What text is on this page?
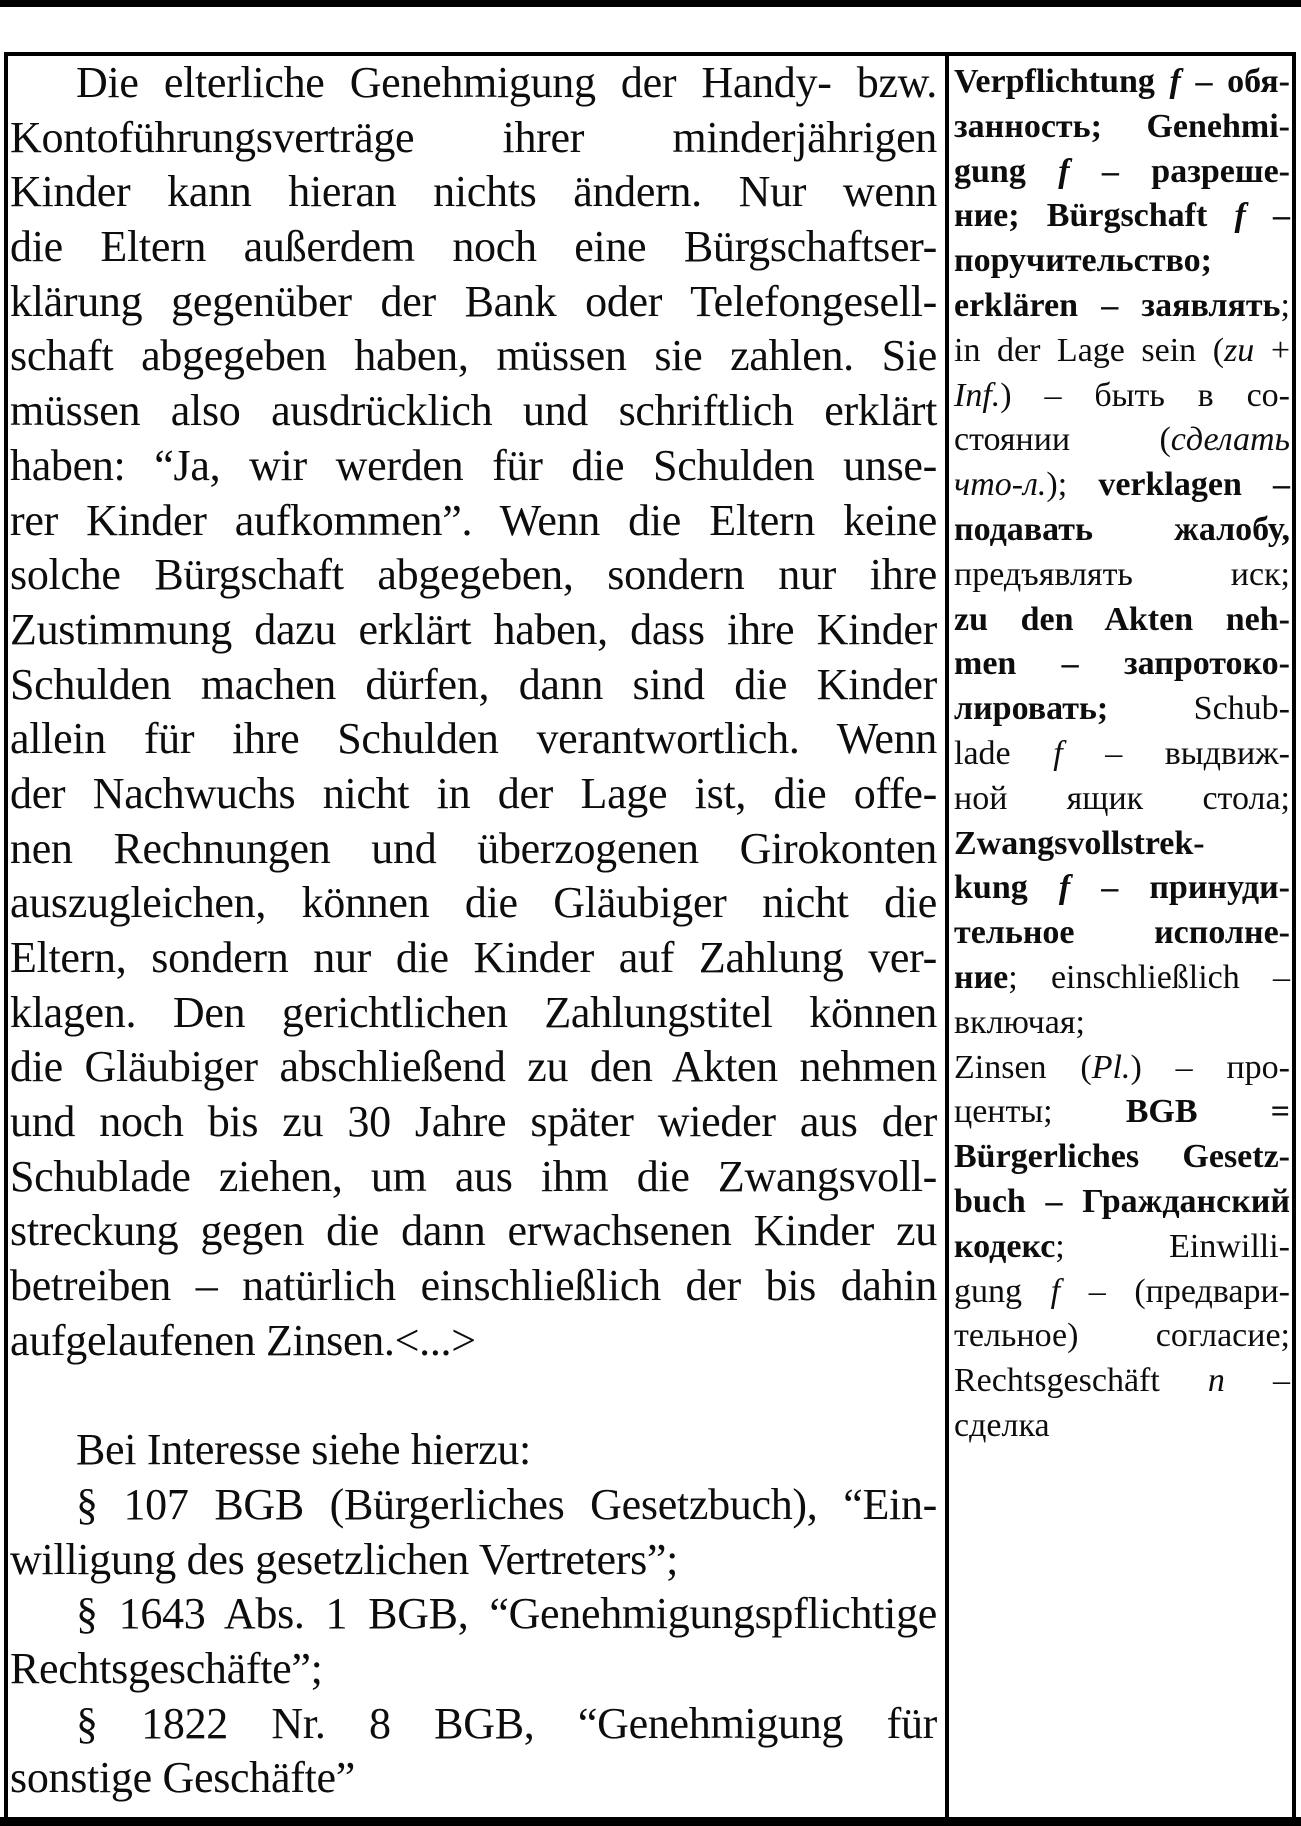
Die elterliche Genehmigung der Handy- bzw.
Kontoführungsverträge ihrer minderjährigen
Kinder kann hieran nichts ändern. Nur wenn
die Eltern außerdem noch eine Bürgschaftser-
klärung gegenüber der Bank oder Telefongesell-
schaft abgegeben haben, müssen sie zahlen. Sie
müssen also ausdrücklich und schriftlich erklärt
haben: “Ja, wir werden für die Schulden unse-
rer Kinder aufkommen”. Wenn die Eltern keine
solche Bürgschaft abgegeben, sondern nur ihre
Zustimmung dazu erklärt haben, dass ihre Kinder
Schulden machen dürfen, dann sind die Kinder
allein für ihre Schulden verantwortlich. Wenn
der Nachwuchs nicht in der Lage ist, die offe-
nen Rechnungen und überzogenen Girokonten
auszugleichen, können die Gläubiger nicht die
Eltern, sondern nur die Kinder auf Zahlung ver-
klagen. Den gerichtlichen Zahlungstitel können
die Gläubiger abschließend zu den Akten nehmen
und noch bis zu 30 Jahre später wieder aus der
Schublade ziehen, um aus ihm die Zwangsvoll-
streckung gegen die dann erwachsenen Kinder zu
betreiben – natürlich einschließlich der bis dahin
aufgelaufenen Zinsen.<...>
Bei Interesse siehe hierzu:
§ 107 BGB (Bürgerliches Gesetzbuch), “Ein-
willigung des gesetzlichen Vertreters”;
§ 1643 Abs. 1 BGB, “Genehmigungspflichtige
Rechtsgeschäfte”;
§ 1822 Nr. 8 BGB, “Genehmigung für
sonstige Geschäfte”
Verpflichtung f – обя-
занность; Genehmi-
gung f – разреше-
ние; Bürgschaft f –
поручительство;
erklären – заявлять;
in der Lage sein (zu +
Inf.) – быть в со-
стоянии (сделать
что-л.); verklagen –
подавать жалобу,
предъявлять иск;
zu den Akten neh-
men – запротоко-
лировать; Schub-
lade f – выдвиж-
ной ящик стола;
Zwangsvollstrek-
kung f – принуди-
тельное исполне-
ние; einschließlich –
включая;
Zinsen (Pl.) – про-
центы; BGB =
Bürgerliches Gesetz-
buch – Гражданский
кодекс; Einwilli-
gung f – (предвари-
тельное) согласие;
Rechtsgeschäft n –
сделка
